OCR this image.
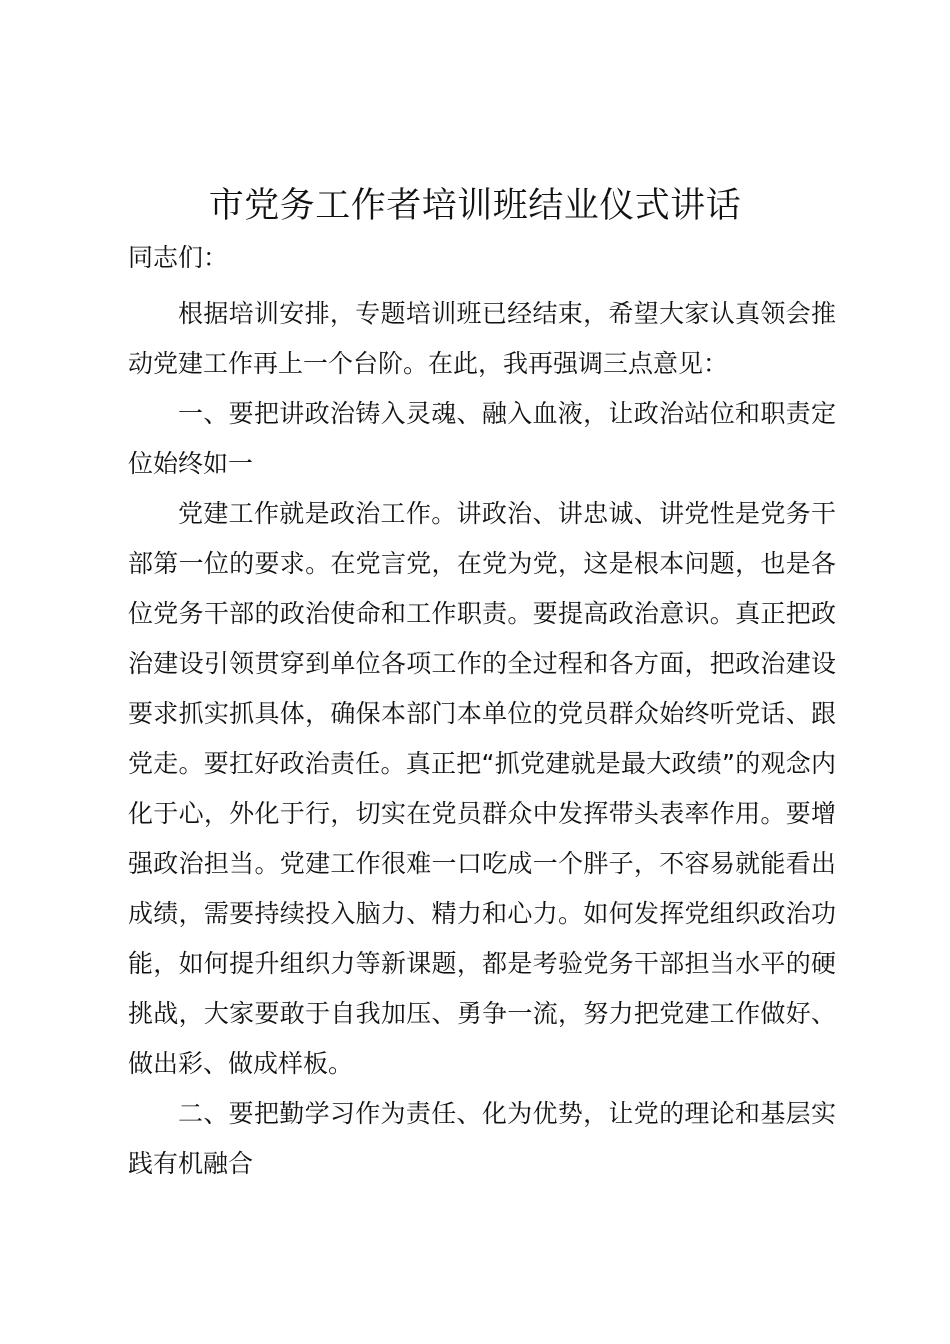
市党务工作者培训班结业仪式讲话

同志们：

根据培训安排，专题培训班已经结束，希望大家认真领会推动党建工作再上一个台阶。在此，我再强调三点意见：

一、要把讲政治铸入灵魂、融入血液，让政治站位和职责定位始终如一

党建工作就是政治工作。讲政治、讲忠诚、讲党性是党务干部第一位的要求。在党言党，在党为党，这是根本问题，也是各位党务干部的政治使命和工作职责。要提高政治意识。真正把政治建设引领贯穿到单位各项工作的全过程和各方面，把政治建设要求抓实抓具体，确保本部门本单位的党员群众始终听党话、跟党走。要扛好政治责任。真正把“抓党建就是最大政绩”的观念内化于心，外化于行，切实在党员群众中发挥带头表率作用。要增强政治担当。党建工作很难一口吃成一个胖子，不容易就能看出成绩，需要持续投入脑力、精力和心力。如何发挥党组织政治功能，如何提升组织力等新课题，都是考验党务干部担当水平的硬挑战，大家要敢于自我加压、勇争一流，努力把党建工作做好、做出彩、做成样板。

二、要把勤学习作为责任、化为优势，让党的理论和基层实践有机融合
